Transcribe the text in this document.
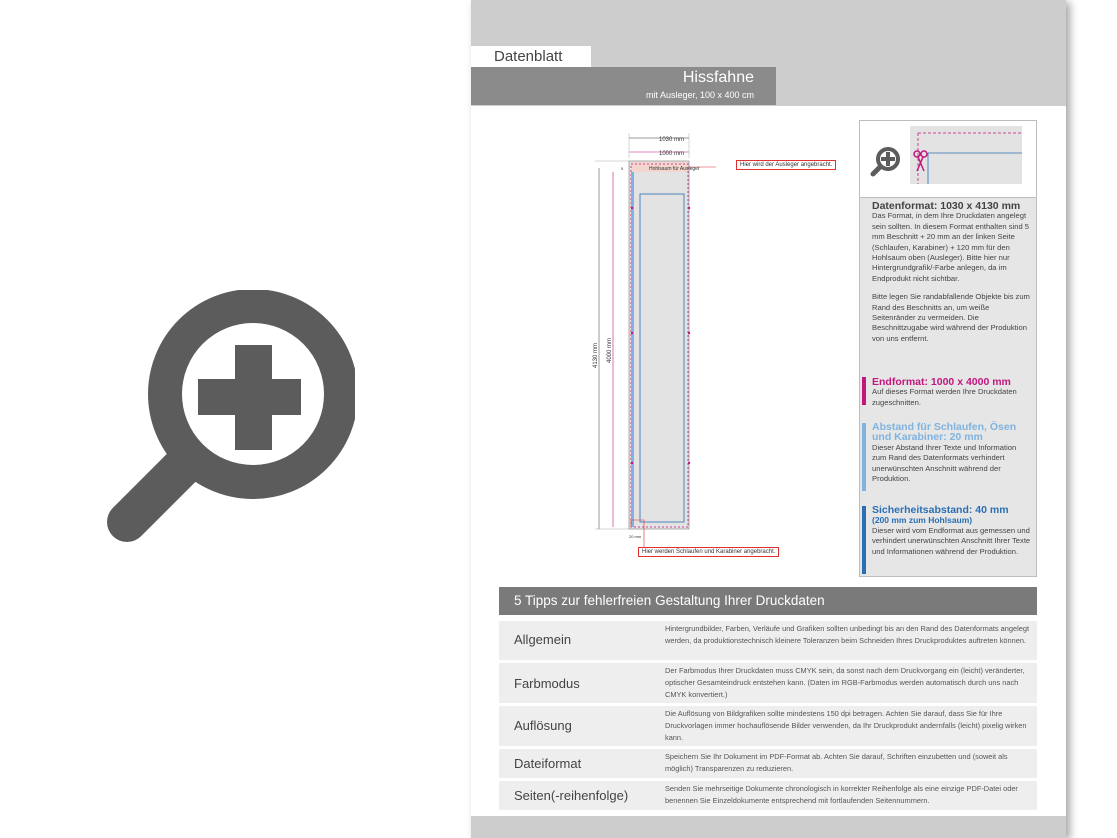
Datenblatt
Hissfahne
mit Ausleger, 100 x 400 cm
1030 mm
1000 mm
Hohlsaum für Ausleger
5
20 mm
4130 mm 4000 mm
Hier wird der Ausleger angebracht.
Hier werden Schlaufen und Karabiner angebracht.
Datenformat: 1030 x 4130 mm
Das Format, in dem Ihre Druckdaten angelegt sein sollten. In diesem Format enthalten sind 5 mm Beschnitt + 20 mm an der linken Seite (Schlaufen, Karabiner) + 120 mm für den Hohlsaum oben (Ausleger). Bitte hier nur Hintergrundgrafik/-Farbe anlegen, da im Endprodukt nicht sichtbar.
Bitte legen Sie randabfallende Objekte bis zum Rand des Beschnitts an, um weiße Seitenränder zu vermeiden. Die Beschnittzugabe wird während der Produktion von uns entfernt.
Endformat: 1000 x 4000 mm
Auf dieses Format werden Ihre Druckdaten zugeschnitten.
Abstand für Schlaufen, Ösen und Karabiner: 20 mm
Dieser Abstand Ihrer Texte und Information zum Rand des Datenformats verhindert unerwünschten Anschnitt während der Produktion.
Sicherheitsabstand: 40 mm
(200 mm zum Hohlsaum)
Dieser wird vom Endformat aus gemessen und verhindert unerwünschten Anschnitt Ihrer Texte und Informationen während der Produktion.
5 Tipps zur fehlerfreien Gestaltung Ihrer Druckdaten
Allgemein
Hintergrundbilder, Farben, Verläufe und Grafiken sollten unbedingt bis an den Rand des Datenformats angelegt werden, da produktionstechnisch kleinere Toleranzen beim Schneiden Ihres Druckproduktes auftreten können.
Farbmodus
Der Farbmodus Ihrer Druckdaten muss CMYK sein, da sonst nach dem Druckvorgang ein (leicht) veränderter, optischer Gesamteindruck entstehen kann. (Daten im RGB-Farbmodus werden automatisch durch uns nach CMYK konvertiert.)
Auflösung
Die Auflösung von Bildgrafiken sollte mindestens 150 dpi betragen. Achten Sie darauf, dass Sie für Ihre Druckvorlagen immer hochauflösende Bilder verwenden, da Ihr Druckprodukt andernfalls (leicht) pixelig wirken kann.
Dateiformat	Speichern Sie Ihr Dokument im PDF-Format ab. Achten Sie darauf, Schriften einzubetten und (soweit als möglich) Transparenzen zu reduzieren.
Seiten(-reihenfolge)	Senden Sie mehrseitige Dokumente chronologisch in korrekter Reihenfolge als eine einzige PDF-Datei oder benennen Sie Einzeldokumente entsprechend mit fortlaufenden Seitennummern.
